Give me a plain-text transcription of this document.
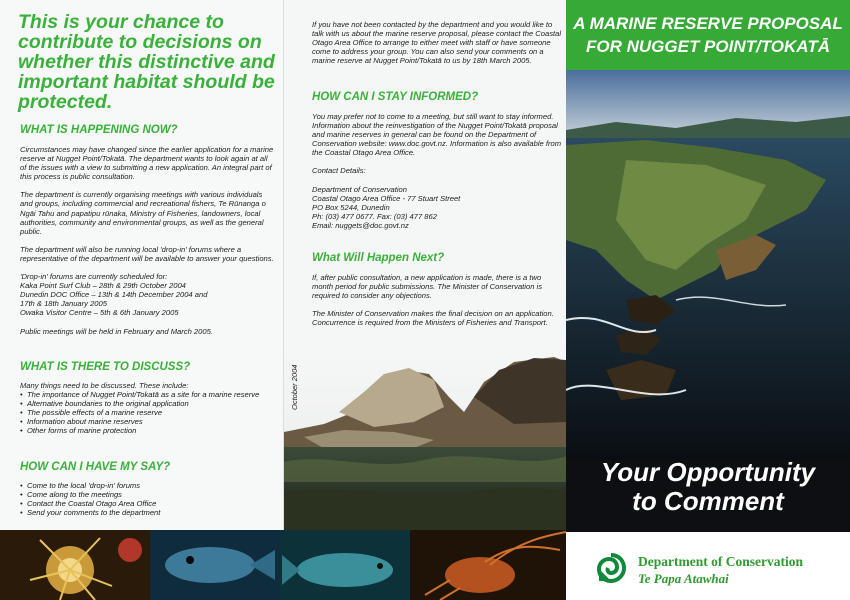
This is your chance to contribute to decisions on whether this distinctive and important habitat should be protected.
WHAT IS HAPPENING NOW?

Circumstances may have changed since the earlier application for a marine reserve at Nugget Point/Tokatā. The department wants to look again at all of the issues with a view to submitting a new application. An integral part of this process is public consultation.

The department is currently organising meetings with various individuals and groups, including commercial and recreational fishers, Te Rūnanga o Ngāi Tahu and papatipu rūnaka, Ministry of Fisheries, landowners, local authorities, community and environmental groups, as well as the general public.

The department will also be running local 'drop-in' forums where a representative of the department will be available to answer your questions.

'Drop-in' forums are currently scheduled for:

Kaka Point Surf Club – 28th & 29th October 2004

Dunedin DOC Office – 13th & 14th December 2004 and

17th & 18th January 2005

Owaka Visitor Centre – 5th & 6th January 2005

Public meetings will be held in February and March 2005.

WHAT IS THERE TO DISCUSS?

Many things need to be discussed. These include:

• The importance of Nugget Point/Tokatā as a site for a marine reserve
• Alternative boundaries to the original application
• The possible effects of a marine reserve
• Information about marine reserves
• Other forms of marine protection
HOW CAN I HAVE MY SAY?
• Come to the local 'drop-in' forums
• Come along to the meetings
• Contact the Coastal Otago Area Office
• Send your comments to the department

If you have not been contacted by the department and you would like to talk with us about the marine reserve proposal, please contact the Coastal Otago Area Office to arrange to either meet with staff or have someone come to address your group. You can also send your comments on a marine reserve at Nugget Point/Tokatā to us by 18th March 2005.

HOW CAN I STAY INFORMED?

You may prefer not to come to a meeting, but still want to stay informed. Information about the reinvestigation of the Nugget Point/Tokatā proposal and marine reserves in general can be found on the Department of Conservation website: www.doc.govt.nz. Information is also available from the Coastal Otago Area Office.

Contact Details:

Department of Conservation

Coastal Otago Area Office - 77 Stuart Street

PO Box 5244, Dunedin

Ph: (03) 477 0677. Fax: (03) 477 862

Email: nuggets@doc.govt.nz

What Will Happen Next?

If, after public consultation, a new application is made, there is a two month period for public submissions. The Minister of Conservation is required to consider any objections.

The Minister of Conservation makes the final decision on an application. Concurrence is required from the Ministers of Fisheries and Transport.

October 2004
A MARINE RESERVE PROPOSAL
FOR NUGGET POINT/TOKATĀ
Your Opportunity
to Comment
Department of Conservation
Te Papa Atawhai
